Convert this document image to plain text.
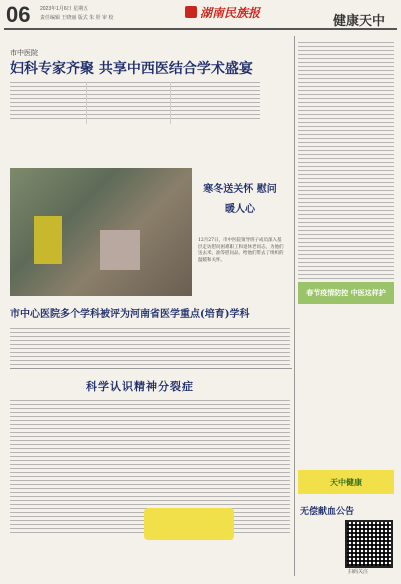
06 2023年1月6日 星期五
责任编辑 王晓丽 版式 朱 彤 审 校	湖南民族报	健康天中
市中医院
妇科专家齐聚 共享中西医结合学术盛宴
寒冬送关怀 慰问暖人心
12月27日，市中医院领导班子成员深入基层走访慰问困难职工和退休老同志，为他们送去米、油等慰问品，给他们带去了组织的温暖和关怀。
市中心医院多个学科被评为河南省医学重点(培育)学科
科学认识精神分裂症
春节疫情防控 中医这样护
天中健康
无偿献血公告
扫码关注
